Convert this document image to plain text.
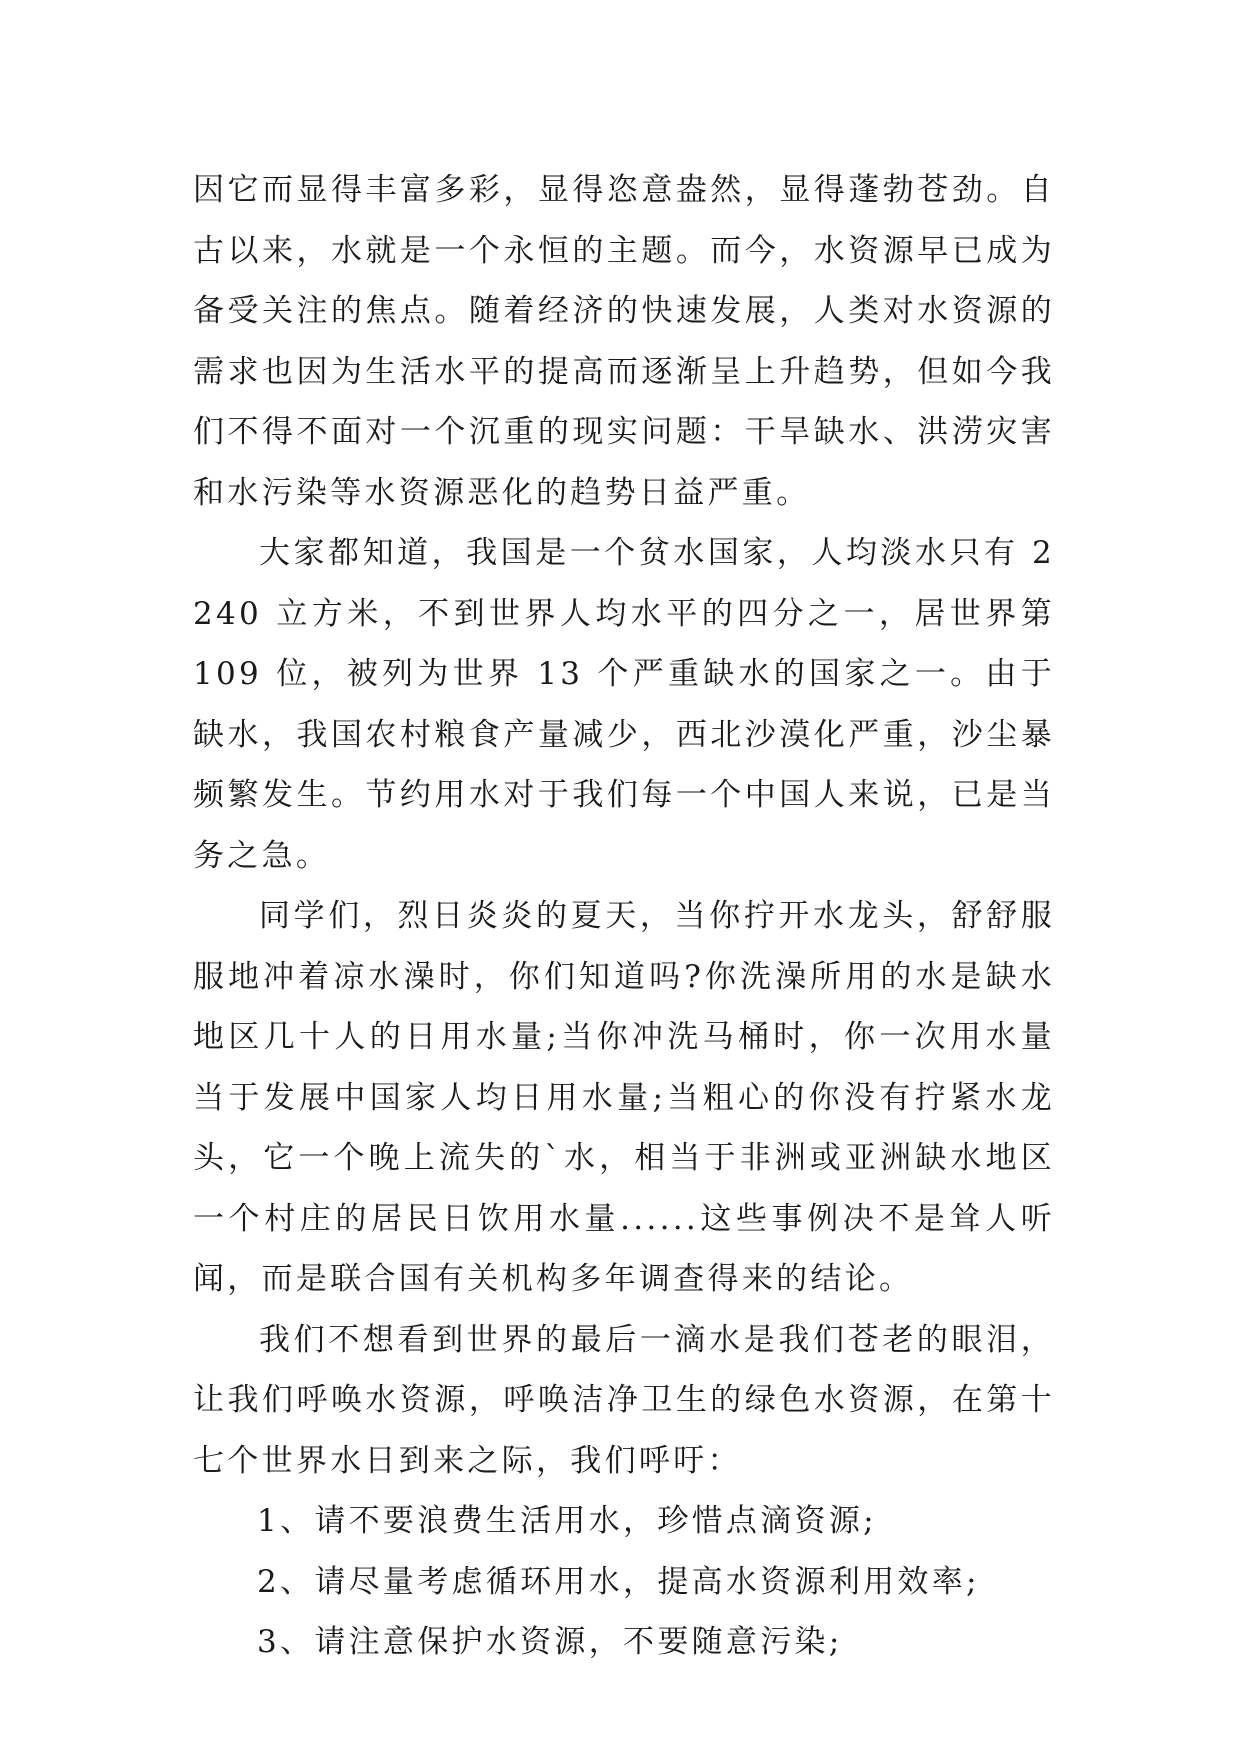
因它而显得丰富多彩，显得恣意盎然，显得蓬勃苍劲。自古以来，水就是一个永恒的主题。而今，水资源早已成为备受关注的焦点。随着经济的快速发展，人类对水资源的需求也因为生活水平的提高而逐渐呈上升趋势，但如今我们不得不面对一个沉重的现实问题：干旱缺水、洪涝灾害和水污染等水资源恶化的趋势日益严重。

大家都知道，我国是一个贫水国家，人均淡水只有 2240 立方米，不到世界人均水平的四分之一，居世界第 109 位，被列为世界 13 个严重缺水的国家之一。由于缺水，我国农村粮食产量减少，西北沙漠化严重，沙尘暴频繁发生。节约用水对于我们每一个中国人来说，已是当务之急。

同学们，烈日炎炎的夏天，当你拧开水龙头，舒舒服服地冲着凉水澡时，你们知道吗?你洗澡所用的水是缺水地区几十人的日用水量;当你冲洗马桶时，你一次用水量当于发展中国家人均日用水量;当粗心的你没有拧紧水龙头，它一个晚上流失的`水，相当于非洲或亚洲缺水地区一个村庄的居民日饮用水量......这些事例决不是耸人听闻，而是联合国有关机构多年调查得来的结论。

我们不想看到世界的最后一滴水是我们苍老的眼泪，让我们呼唤水资源，呼唤洁净卫生的绿色水资源，在第十七个世界水日到来之际，我们呼吁：

1、请不要浪费生活用水，珍惜点滴资源;

2、请尽量考虑循环用水，提高水资源利用效率;

3、请注意保护水资源，不要随意污染;
